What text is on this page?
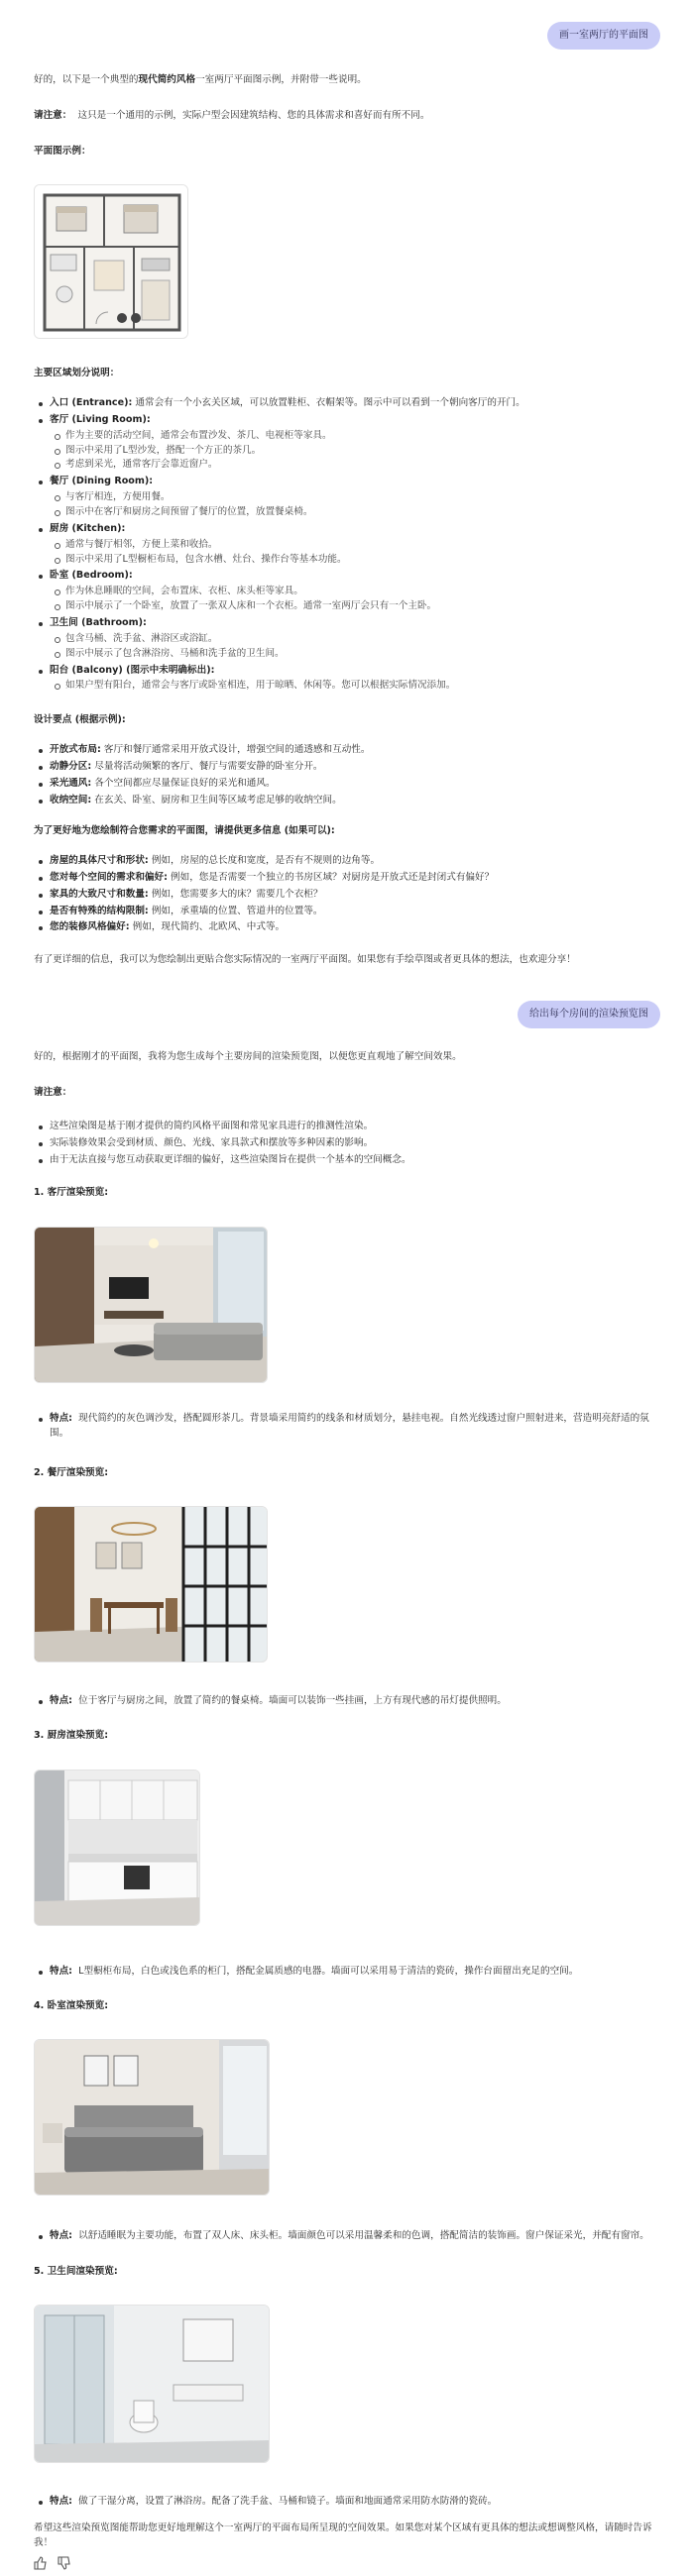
画一室两厅的平面图

好的，以下是一个典型的现代简约风格一室两厅平面图示例，并附带一些说明。

请注意： 这只是一个通用的示例，实际户型会因建筑结构、您的具体需求和喜好而有所不同。

平面图示例：

主要区域划分说明：

入口 (Entrance): 通常会有一个小玄关区域，可以放置鞋柜、衣帽架等。图示中可以看到一个朝向客厅的开门。
客厅 (Living Room):
作为主要的活动空间，通常会布置沙发、茶几、电视柜等家具。
图示中采用了L型沙发，搭配一个方正的茶几。
考虑到采光，通常客厅会靠近窗户。
餐厅 (Dining Room):
与客厅相连，方便用餐。
图示中在客厅和厨房之间预留了餐厅的位置，放置餐桌椅。
厨房 (Kitchen):
通常与餐厅相邻，方便上菜和收拾。
图示中采用了L型橱柜布局，包含水槽、灶台、操作台等基本功能。
卧室 (Bedroom):
作为休息睡眠的空间，会布置床、衣柜、床头柜等家具。
图示中展示了一个卧室，放置了一张双人床和一个衣柜。通常一室两厅会只有一个主卧。
卫生间 (Bathroom):
包含马桶、洗手盆、淋浴区或浴缸。
图示中展示了包含淋浴房、马桶和洗手盆的卫生间。
阳台 (Balcony) (图示中未明确标出):
如果户型有阳台，通常会与客厅或卧室相连，用于晾晒、休闲等。您可以根据实际情况添加。

设计要点 (根据示例):

开放式布局: 客厅和餐厅通常采用开放式设计，增强空间的通透感和互动性。
动静分区: 尽量将活动频繁的客厅、餐厅与需要安静的卧室分开。
采光通风: 各个空间都应尽量保证良好的采光和通风。
收纳空间: 在玄关、卧室、厨房和卫生间等区域考虑足够的收纳空间。

为了更好地为您绘制符合您需求的平面图，请提供更多信息 (如果可以):

房屋的具体尺寸和形状: 例如，房屋的总长度和宽度，是否有不规则的边角等。
您对每个空间的需求和偏好: 例如，您是否需要一个独立的书房区域？对厨房是开放式还是封闭式有偏好？
家具的大致尺寸和数量: 例如，您需要多大的床？需要几个衣柜？
是否有特殊的结构限制: 例如，承重墙的位置、管道井的位置等。
您的装修风格偏好: 例如，现代简约、北欧风、中式等。

有了更详细的信息，我可以为您绘制出更贴合您实际情况的一室两厅平面图。如果您有手绘草图或者更具体的想法，也欢迎分享！

给出每个房间的渲染预览图

好的，根据刚才的平面图，我将为您生成每个主要房间的渲染预览图，以便您更直观地了解空间效果。

请注意：

这些渲染图是基于刚才提供的简约风格平面图和常见家具进行的推测性渲染。
实际装修效果会受到材质、颜色、光线、家具款式和摆放等多种因素的影响。
由于无法直接与您互动获取更详细的偏好，这些渲染图旨在提供一个基本的空间概念。

1. 客厅渲染预览:

特点: 现代简约的灰色调沙发，搭配圆形茶几。背景墙采用简约的线条和材质划分，悬挂电视。自然光线透过窗户照射进来，营造明亮舒适的氛围。

2. 餐厅渲染预览:

特点: 位于客厅与厨房之间，放置了简约的餐桌椅。墙面可以装饰一些挂画，上方有现代感的吊灯提供照明。

3. 厨房渲染预览:

特点: L型橱柜布局，白色或浅色系的柜门，搭配金属质感的电器。墙面可以采用易于清洁的瓷砖，操作台面留出充足的空间。

4. 卧室渲染预览:

特点: 以舒适睡眠为主要功能，布置了双人床、床头柜。墙面颜色可以采用温馨柔和的色调，搭配简洁的装饰画。窗户保证采光，并配有窗帘。

5. 卫生间渲染预览:

特点: 做了干湿分离，设置了淋浴房。配备了洗手盆、马桶和镜子。墙面和地面通常采用防水防滑的瓷砖。

希望这些渲染预览图能帮助您更好地理解这个一室两厅的平面布局所呈现的空间效果。如果您对某个区域有更具体的想法或想调整风格，请随时告诉我！
